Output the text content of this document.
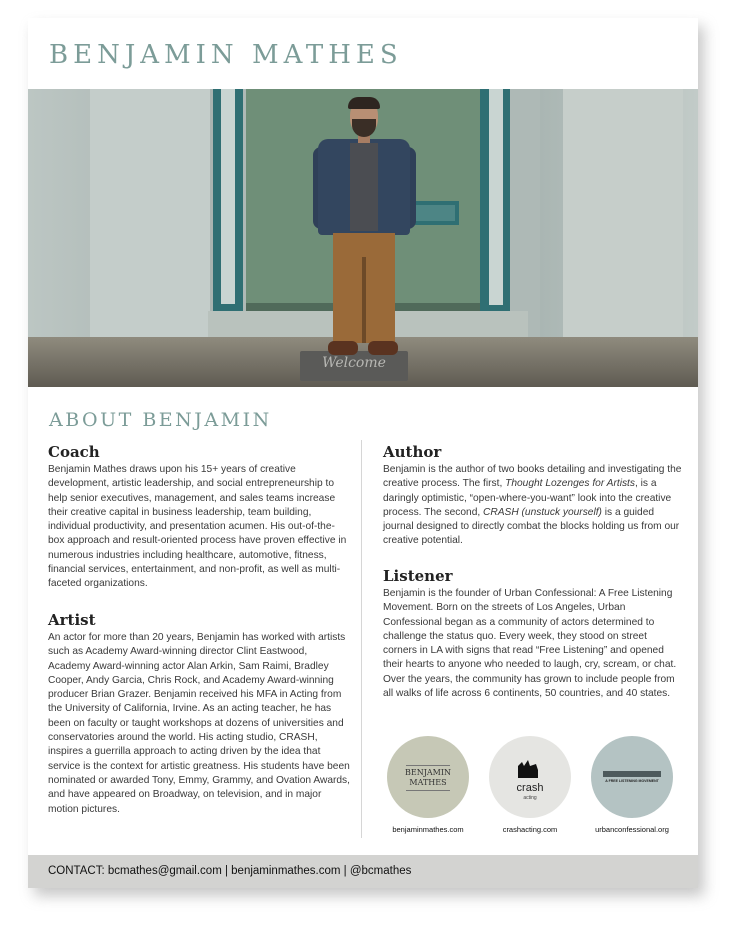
BENJAMIN MATHES
Welcome
ABOUT BENJAMIN
Coach

Benjamin Mathes draws upon his 15+ years of creative development, artistic leadership, and social entrepreneurship to help senior executives, management, and sales teams increase their creative capital in business leadership, team building, individual productivity, and presentation acumen. His out-of-the-box approach and result-oriented process have proven effective in numerous industries including healthcare, automotive, fitness, financial services, entertainment, and non-profit, as well as multi-faceted organizations.

Artist

An actor for more than 20 years, Benjamin has worked with artists such as Academy Award-winning director Clint Eastwood, Academy Award-winning actor Alan Arkin, Sam Raimi, Bradley Cooper, Andy Garcia, Chris Rock, and Academy Award-winning producer Brian Grazer. Benjamin received his MFA in Acting from the University of California, Irvine. As an acting teacher, he has been on faculty or taught workshops at dozens of universities and conservatories around the world. His acting studio, CRASH, inspires a guerrilla approach to acting driven by the idea that service is the context for artistic greatness. His students have been nominated or awarded Tony, Emmy, Grammy, and Ovation Awards, and have appeared on Broadway, on television, and in major motion pictures.

Author

Benjamin is the author of two books detailing and investigating the creative process. The first, Thought Lozenges for Artists, is a daringly optimistic, “open-where-you-want” look into the creative process. The second, CRASH (unstuck yourself) is a guided journal designed to directly combat the blocks holding us from our creative potential.

Listener

Benjamin is the founder of Urban Confessional: A Free Listening Movement. Born on the streets of Los Angeles, Urban Confessional began as a community of actors determined to challenge the status quo. Every week, they stood on street corners in LA with signs that read “Free Listening” and opened their hearts to anyone who needed to laugh, cry, scream, or chat. Over the years, the community has grown to include people from all walks of life across 6 continents, 50 countries, and 40 states.

BENJAMIN
MATHES	crash
acting
A FREE LISTENING MOVEMENT
benjaminmathes.com	crashacting.com	urbanconfessional.org
CONTACT: bcmathes@gmail.com | benjaminmathes.com | @bcmathes
